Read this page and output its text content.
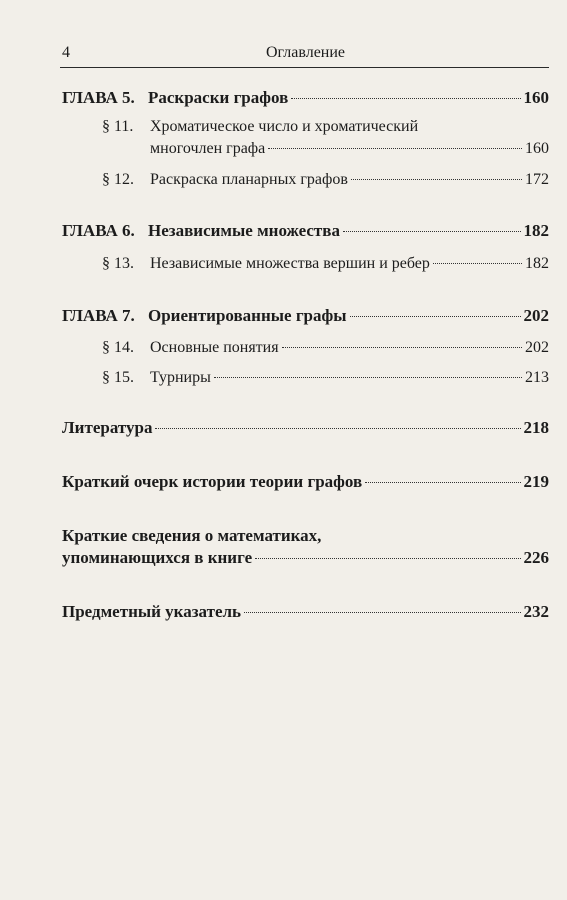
4	Оглавление
ГЛАВА 5. Раскраски графов	160
§ 11. Хроматическое число и хроматический
многочлен графа	160
§ 12. Раскраска планарных графов	172
ГЛАВА 6. Независимые множества	182
§ 13. Независимые множества вершин и ребер	182
ГЛАВА 7. Ориентированные графы	202
§ 14. Основные понятия	202
§ 15. Турниры	213
Литература	218
Краткий очерк истории теории графов	219
Краткие сведения о математиках,
упоминающихся в книге	226
Предметный указатель	232
